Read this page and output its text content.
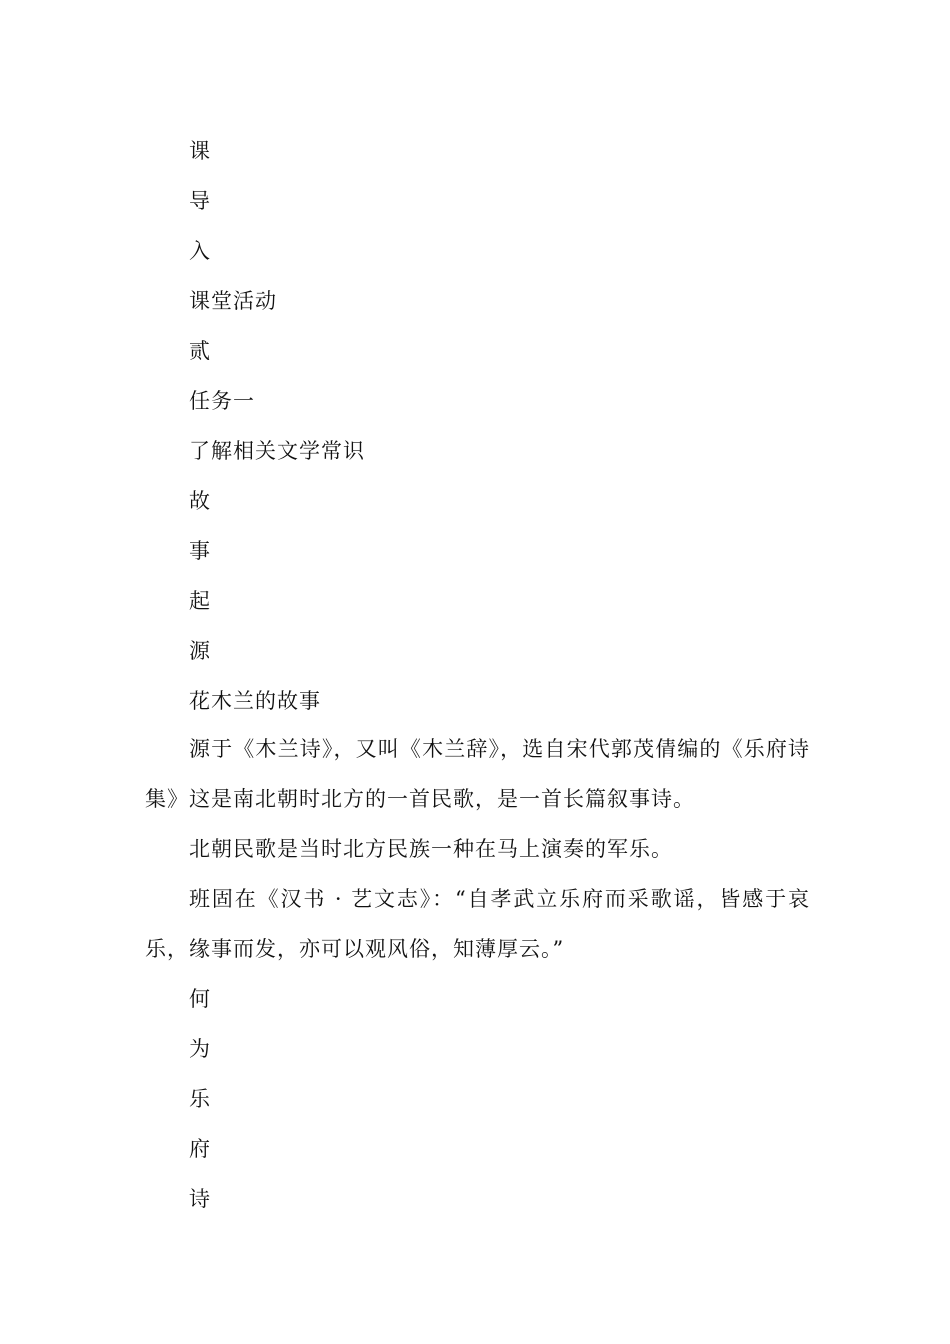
课
导
入
课堂活动
贰
任务一
了解相关文学常识
故
事
起
源
花木兰的故事
源于《木兰诗》，又叫《木兰辞》，选自宋代郭茂倩编的《乐府诗集》这是南北朝时北方的一首民歌，是一首长篇叙事诗。
北朝民歌是当时北方民族一种在马上演奏的军乐。
班固在《汉书 · 艺文志》：“自孝武立乐府而采歌谣，皆感于哀乐，缘事而发，亦可以观风俗，知薄厚云。”
何
为
乐
府
诗
